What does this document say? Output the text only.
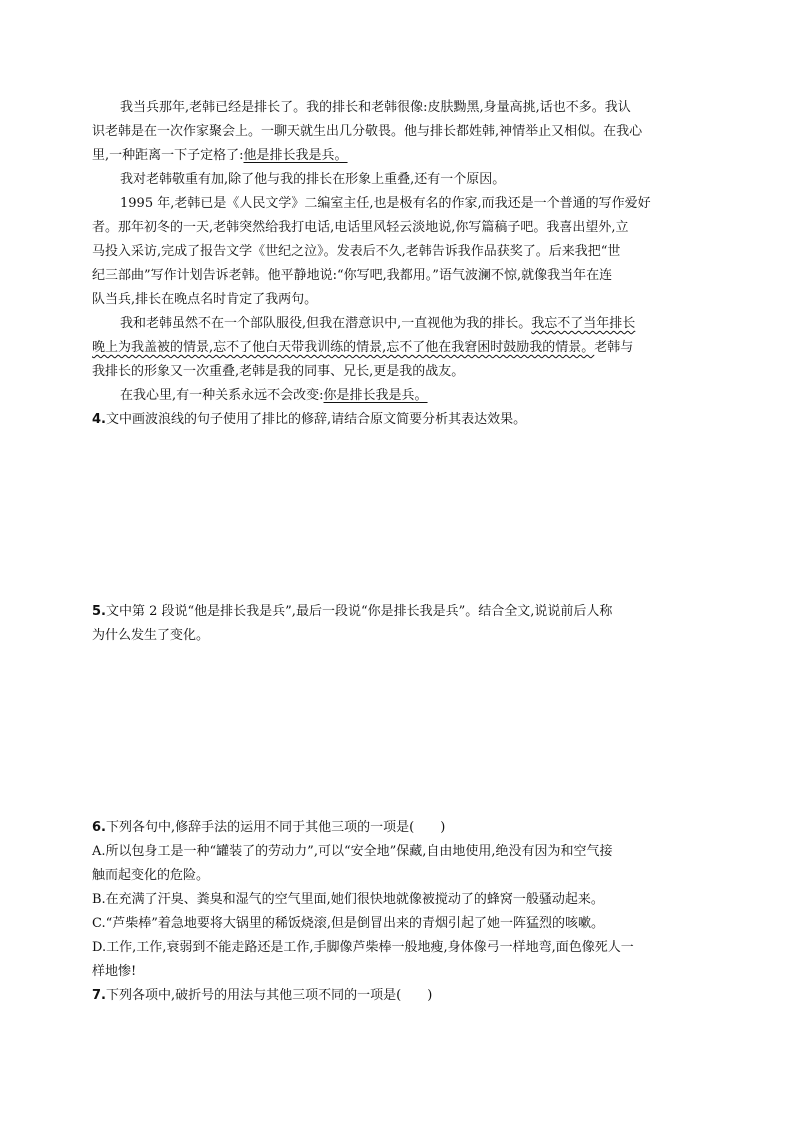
我当兵那年,老韩已经是排长了。我的排长和老韩很像:皮肤黝黑,身量高挑,话也不多。我认
识老韩是在一次作家聚会上。一聊天就生出几分敬畏。他与排长都姓韩,神情举止又相似。在我心
里,一种距离一下子定格了:他是排长我是兵。
我对老韩敬重有加,除了他与我的排长在形象上重叠,还有一个原因。
1995 年,老韩已是《人民文学》二编室主任,也是极有名的作家,而我还是一个普通的写作爱好
者。那年初冬的一天,老韩突然给我打电话,电话里风轻云淡地说,你写篇稿子吧。我喜出望外,立
马投入采访,完成了报告文学《世纪之泣》。发表后不久,老韩告诉我作品获奖了。后来我把“世
纪三部曲”写作计划告诉老韩。他平静地说:“你写吧,我都用。”语气波澜不惊,就像我当年在连
队当兵,排长在晚点名时肯定了我两句。
我和老韩虽然不在一个部队服役,但我在潜意识中,一直视他为我的排长。我忘不了当年排长
晚上为我盖被的情景,忘不了他白天带我训练的情景,忘不了他在我窘困时鼓励我的情景。老韩与
我排长的形象又一次重叠,老韩是我的同事、兄长,更是我的战友。
在我心里,有一种关系永远不会改变:你是排长我是兵。
4.文中画波浪线的句子使用了排比的修辞,请结合原文简要分析其表达效果。
5.文中第 2 段说“他是排长我是兵”,最后一段说“你是排长我是兵”。结合全文,说说前后人称
为什么发生了变化。
6.下列各句中,修辞手法的运用不同于其他三项的一项是(　　)
A.所以包身工是一种“罐装了的劳动力”,可以“安全地”保藏,自由地使用,绝没有因为和空气接
触而起变化的危险。
B.在充满了汗臭、粪臭和湿气的空气里面,她们很快地就像被搅动了的蜂窝一般骚动起来。
C.“芦柴棒”着急地要将大锅里的稀饭烧滚,但是倒冒出来的青烟引起了她一阵猛烈的咳嗽。
D.工作,工作,衰弱到不能走路还是工作,手脚像芦柴棒一般地瘦,身体像弓一样地弯,面色像死人一
样地惨!
7.下列各项中,破折号的用法与其他三项不同的一项是(　　)
